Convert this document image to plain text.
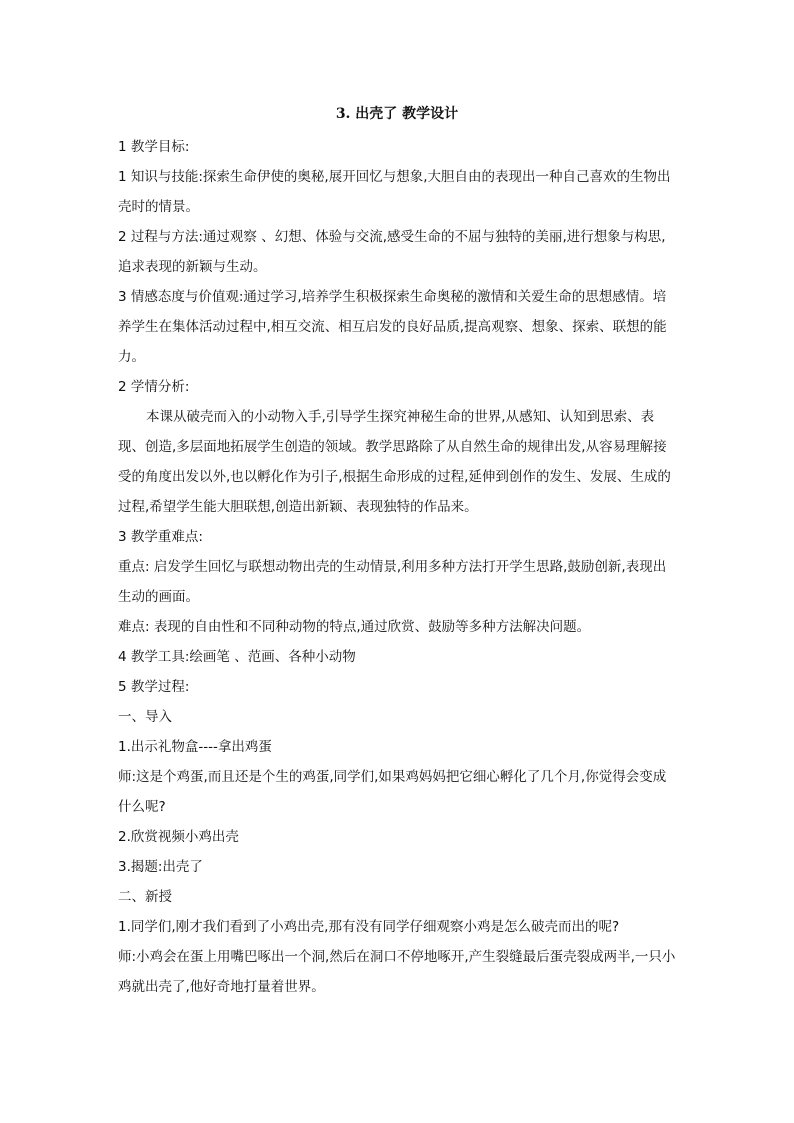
3. 出壳了 教学设计

1 教学目标:

1 知识与技能:探索生命伊使的奥秘,展开回忆与想象,大胆自由的表现出一种自己喜欢的生物出壳时的情景。

2 过程与方法:通过观察 、幻想、体验与交流,感受生命的不屈与独特的美丽,进行想象与构思,追求表现的新颖与生动。

3 情感态度与价值观:通过学习,培养学生积极探索生命奥秘的激情和关爱生命的思想感情。培养学生在集体活动过程中,相互交流、相互启发的良好品质,提高观察、想象、探索、联想的能力。

2 学情分析:

本课从破壳而入的小动物入手,引导学生探究神秘生命的世界,从感知、认知到思索、表现、创造,多层面地拓展学生创造的领域。教学思路除了从自然生命的规律出发,从容易理解接受的角度出发以外,也以孵化作为引子,根据生命形成的过程,延伸到创作的发生、发展、生成的过程,希望学生能大胆联想,创造出新颖、表现独特的作品来。

3 教学重难点:

重点: 启发学生回忆与联想动物出壳的生动情景,利用多种方法打开学生思路,鼓励创新,表现出生动的画面。

难点: 表现的自由性和不同种动物的特点,通过欣赏、鼓励等多种方法解决问题。

4 教学工具:绘画笔 、范画、各种小动物

5 教学过程:

一、导入

1.出示礼物盒----拿出鸡蛋

师:这是个鸡蛋,而且还是个生的鸡蛋,同学们,如果鸡妈妈把它细心孵化了几个月,你觉得会变成什么呢?

2.欣赏视频小鸡出壳

3.揭题:出壳了

二、新授

1.同学们,刚才我们看到了小鸡出壳,那有没有同学仔细观察小鸡是怎么破壳而出的呢?

师:小鸡会在蛋上用嘴巴啄出一个洞,然后在洞口不停地啄开,产生裂缝最后蛋壳裂成两半,一只小鸡就出壳了,他好奇地打量着世界。
